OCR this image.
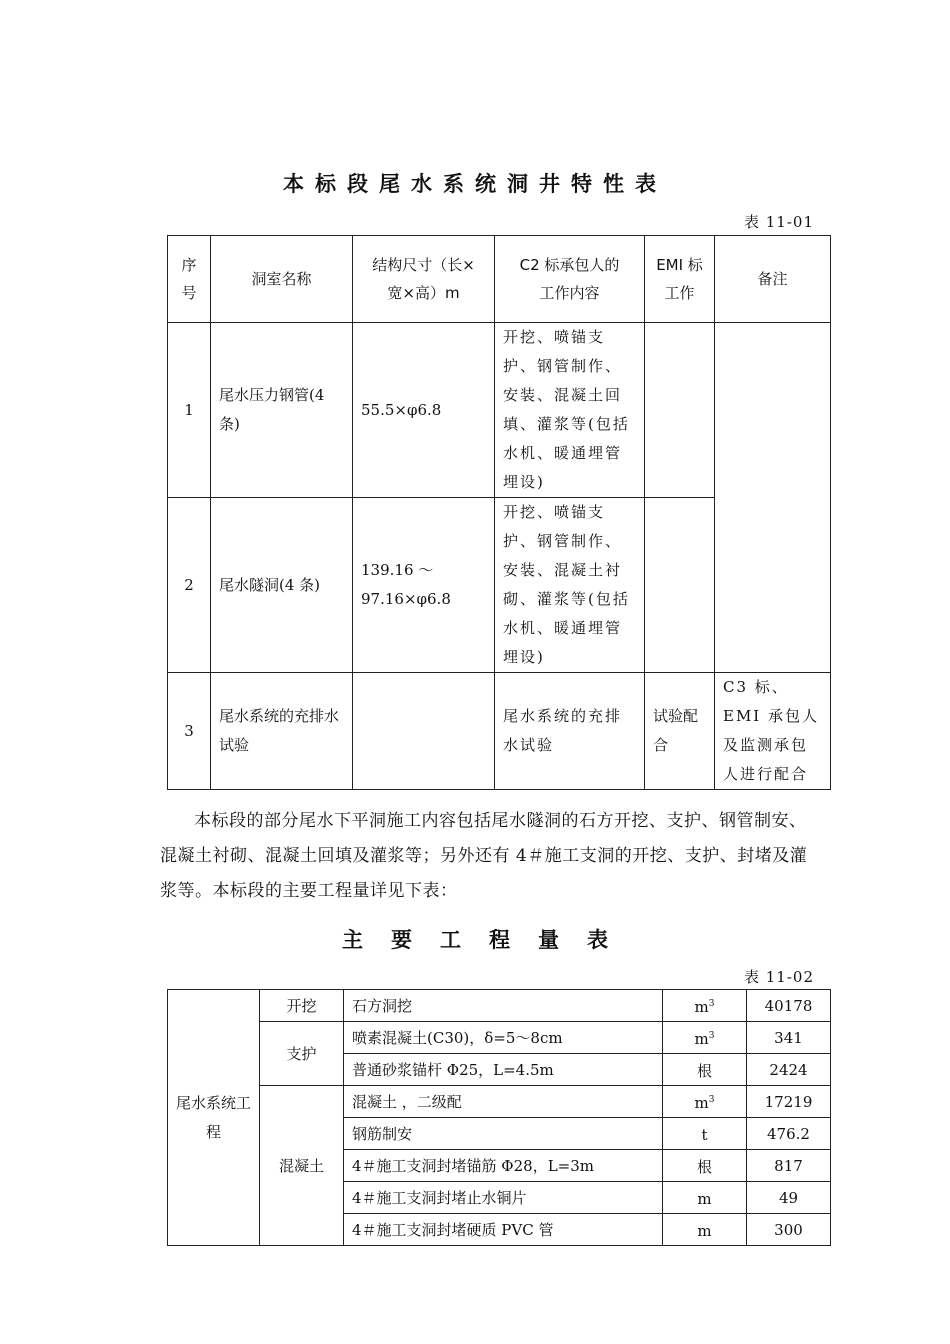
本标段尾水系统洞井特性表
表 11-01
序号	洞室名称	结构尺寸（长×宽×高）m	C2 标承包人的工作内容	EMI 标工作	备注
1	尾水压力钢管(4 条)	55.5×φ6.8	开挖、喷锚支护、钢管制作、安装、混凝土回填、灌浆等(包括水机、暖通埋管埋设)		
2	尾水隧洞(4 条)	139.16 ～97.16×φ6.8	开挖、喷锚支护、钢管制作、安装、混凝土衬砌、灌浆等(包括水机、暖通埋管埋设)		
3	尾水系统的充排水试验		尾水系统的充排水试验	试验配合	C3 标、EMI 承包人及监测承包人进行配合
本标段的部分尾水下平洞施工内容包括尾水隧洞的石方开挖、支护、钢管制安、混凝土衬砌、混凝土回填及灌浆等；另外还有 4＃施工支洞的开挖、支护、封堵及灌浆等。本标段的主要工程量详见下表：
主要工程量表
表 11-02
尾水系统工程	开挖	石方洞挖	$m^3$	40178
	支护	喷素混凝土(C30)，δ=5～8cm	$m^3$	341
		普通砂浆锚杆 Φ25，L=4.5m	根	2424
	混凝土	混凝土 ，二级配	$m^3$	17219
		钢筋制安	t	476.2
		4＃施工支洞封堵锚筋 Φ28，L=3m	根	817
		4＃施工支洞封堵止水铜片	m	49
		4＃施工支洞封堵硬质 PVC 管	m	300
